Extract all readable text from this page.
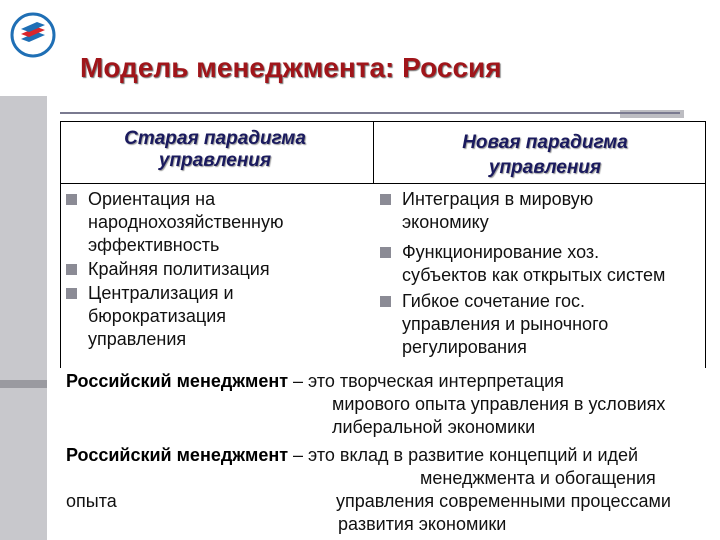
Модель менеджмента: Россия
Старая парадигма
управления
Новая парадигма
управления
Ориентация на
народнохозяйственную
эффективность
Крайняя политизация
Централизация и
бюрократизация
управления
Интеграция в мировую
экономику
Функционирование хоз.
субъектов как открытых систем
Гибкое сочетание гос.
управления и рыночного
регулирования
Российский менеджмент – это творческая интерпретация
мирового опыта управления в условиях
либеральной экономики
Российский менеджмент – это вклад в развитие концепций и идей
менеджмента и обогащения
опыта	управления современными процессами
развития экономики
